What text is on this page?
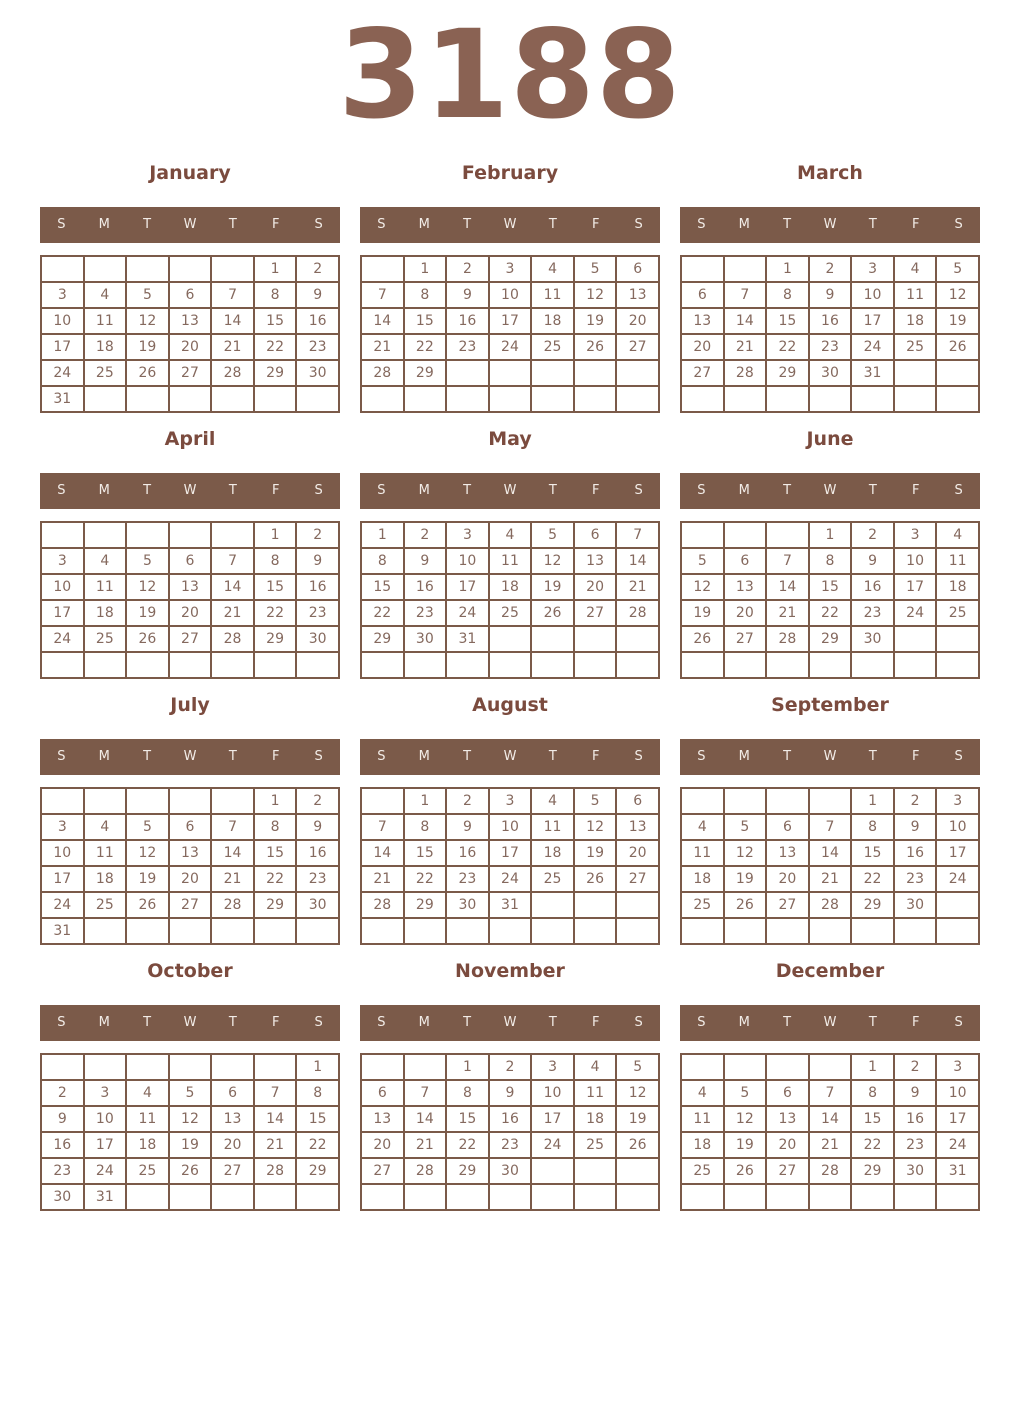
3188
January
S	M	T	W	T	F	S
					1	2
3	4	5	6	7	8	9
10	11	12	13	14	15	16
17	18	19	20	21	22	23
24	25	26	27	28	29	30
31						
February
S	M	T	W	T	F	S
	1	2	3	4	5	6
7	8	9	10	11	12	13
14	15	16	17	18	19	20
21	22	23	24	25	26	27
28	29					

March
S	M	T	W	T	F	S
		1	2	3	4	5
6	7	8	9	10	11	12
13	14	15	16	17	18	19
20	21	22	23	24	25	26
27	28	29	30	31		

April
S	M	T	W	T	F	S
					1	2
3	4	5	6	7	8	9
10	11	12	13	14	15	16
17	18	19	20	21	22	23
24	25	26	27	28	29	30

May
S	M	T	W	T	F	S
1	2	3	4	5	6	7
8	9	10	11	12	13	14
15	16	17	18	19	20	21
22	23	24	25	26	27	28
29	30	31				

June
S	M	T	W	T	F	S
			1	2	3	4
5	6	7	8	9	10	11
12	13	14	15	16	17	18
19	20	21	22	23	24	25
26	27	28	29	30		

July
S	M	T	W	T	F	S
					1	2
3	4	5	6	7	8	9
10	11	12	13	14	15	16
17	18	19	20	21	22	23
24	25	26	27	28	29	30
31						
August
S	M	T	W	T	F	S
	1	2	3	4	5	6
7	8	9	10	11	12	13
14	15	16	17	18	19	20
21	22	23	24	25	26	27
28	29	30	31			

September
S	M	T	W	T	F	S
				1	2	3
4	5	6	7	8	9	10
11	12	13	14	15	16	17
18	19	20	21	22	23	24
25	26	27	28	29	30	

October
S	M	T	W	T	F	S
						1
2	3	4	5	6	7	8
9	10	11	12	13	14	15
16	17	18	19	20	21	22
23	24	25	26	27	28	29
30	31					
November
S	M	T	W	T	F	S
		1	2	3	4	5
6	7	8	9	10	11	12
13	14	15	16	17	18	19
20	21	22	23	24	25	26
27	28	29	30			

December
S	M	T	W	T	F	S
				1	2	3
4	5	6	7	8	9	10
11	12	13	14	15	16	17
18	19	20	21	22	23	24
25	26	27	28	29	30	31
